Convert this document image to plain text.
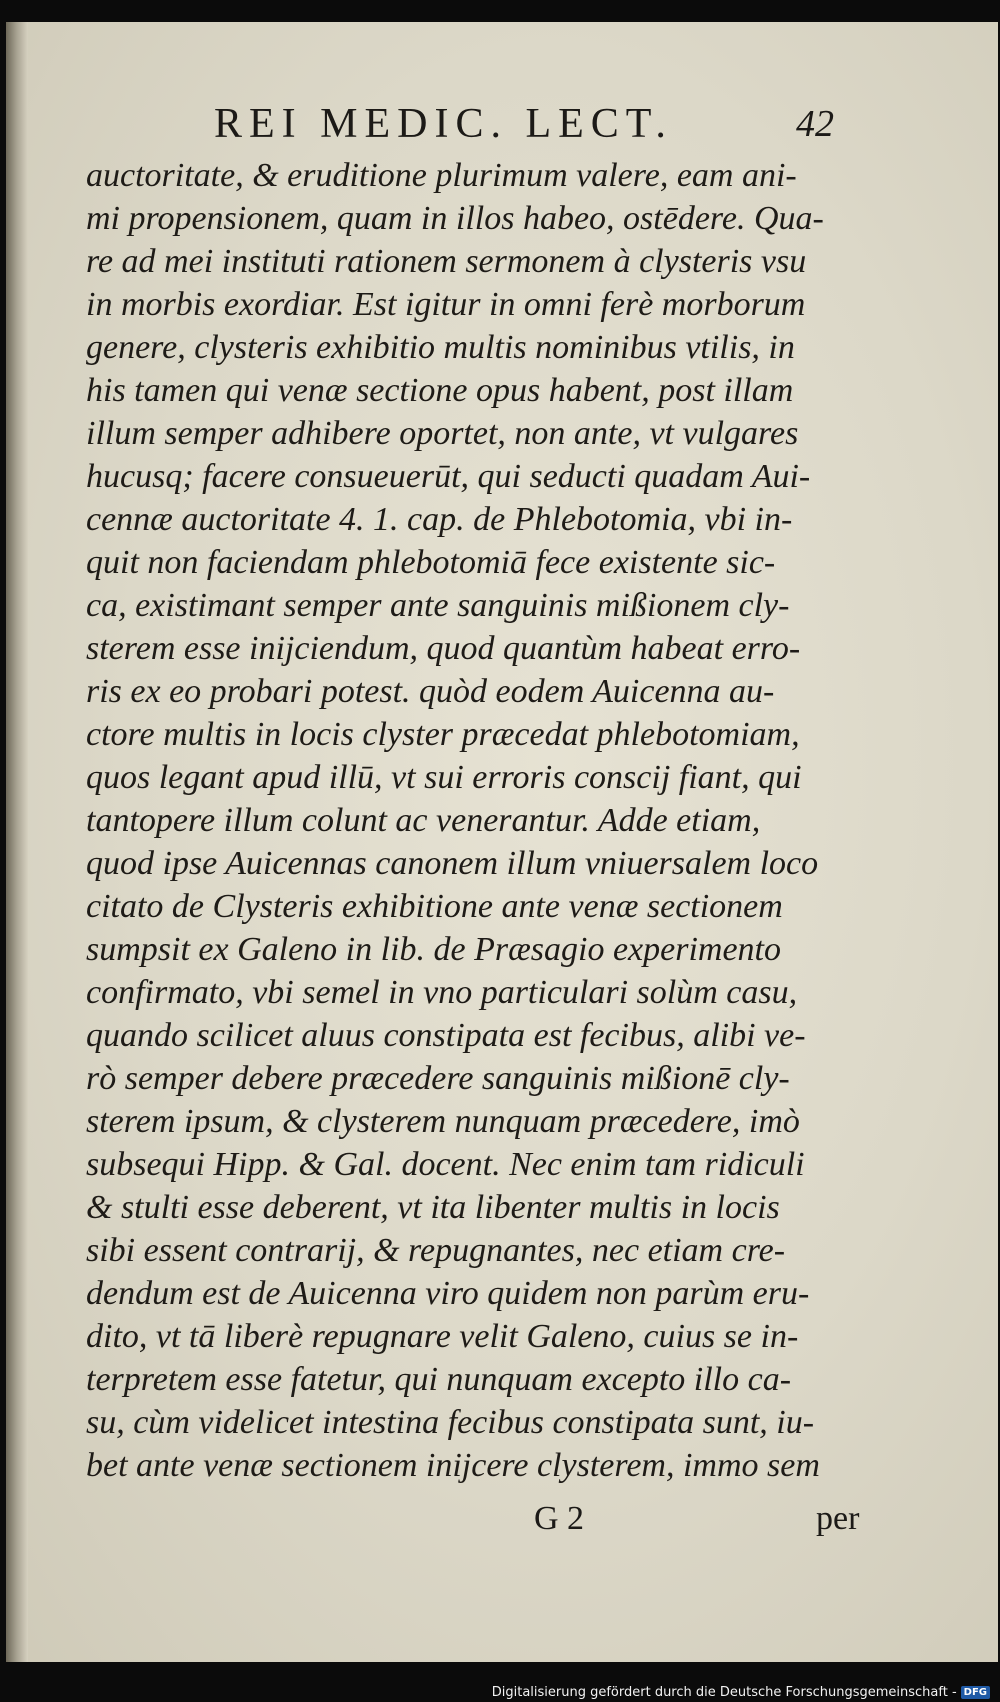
REI MEDIC. LECT.	42
auctoritate, & eruditione plurimum valere, eam ani-
mi propensionem, quam in illos habeo, ostēdere. Qua-
re ad mei instituti rationem sermonem à clysteris vsu
in morbis exordiar. Est igitur in omni ferè morborum
genere, clysteris exhibitio multis nominibus vtilis, in
his tamen qui venæ sectione opus habent, post illam
illum semper adhibere oportet, non ante, vt vulgares
hucusq; facere consueuerūt, qui seducti quadam Aui-
cennæ auctoritate 4. 1. cap. de Phlebotomia, vbi in-
quit non faciendam phlebotomiā fece existente sic-
ca, existimant semper ante sanguinis mißionem cly-
sterem esse inijciendum, quod quantùm habeat erro-
ris ex eo probari potest. quòd eodem Auicenna au-
ctore multis in locis clyster præcedat phlebotomiam,
quos legant apud illū, vt sui erroris conscij fiant, qui
tantopere illum colunt ac venerantur. Adde etiam,
quod ipse Auicennas canonem illum vniuersalem loco
citato de Clysteris exhibitione ante venæ sectionem
sumpsit ex Galeno in lib. de Præsagio experimento
confirmato, vbi semel in vno particulari solùm casu,
quando scilicet aluus constipata est fecibus, alibi ve-
rò semper debere præcedere sanguinis mißionē cly-
sterem ipsum, & clysterem nunquam præcedere, imò
subsequi Hipp. & Gal. docent. Nec enim tam ridiculi
& stulti esse deberent, vt ita libenter multis in locis
sibi essent contrarij, & repugnantes, nec etiam cre-
dendum est de Auicenna viro quidem non parùm eru-
dito, vt tā liberè repugnare velit Galeno, cuius se in-
terpretem esse fatetur, qui nunquam excepto illo ca-
su, cùm videlicet intestina fecibus constipata sunt, iu-
bet ante venæ sectionem inijcere clysterem, immo sem
G 2	per
Digitalisierung gefördert durch die Deutsche Forschungsgemeinschaft - DFG
